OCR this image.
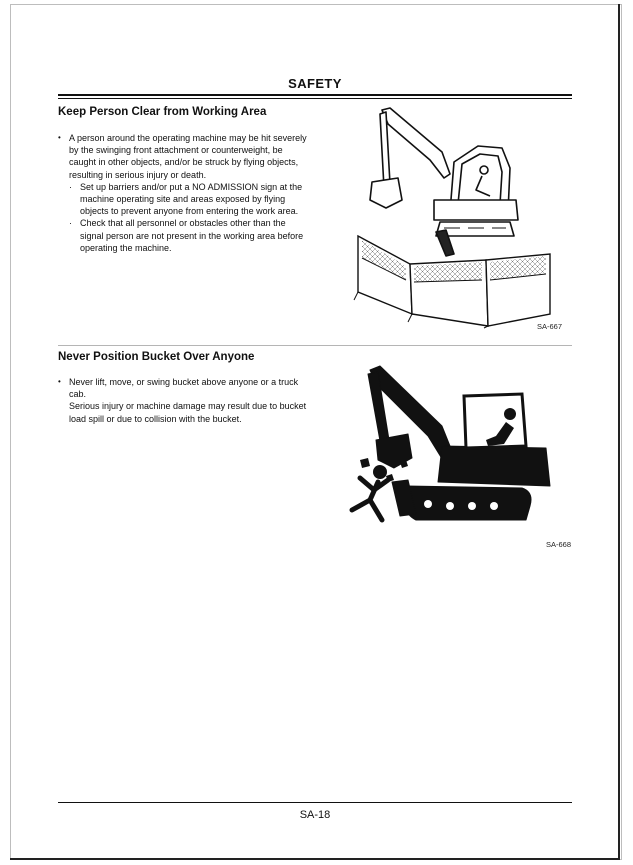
SAFETY
Keep Person Clear from Working Area
• A person around the operating machine may be hit severely
by the swinging front attachment or counterweight, be
caught in other objects, and/or be struck by flying objects,
resulting in serious injury or death.
· Set up barriers and/or put a NO ADMISSION sign at the
machine operating site and areas exposed by flying
objects to prevent anyone from entering the work area.
· Check that all personnel or obstacles other than the
signal person are not present in the working area before
operating the machine.
SA-667
Never Position Bucket Over Anyone
• Never lift, move, or swing bucket above anyone or a truck
cab.
Serious injury or machine damage may result due to bucket
load spill or due to collision with the bucket.
SA-668
SA-18
